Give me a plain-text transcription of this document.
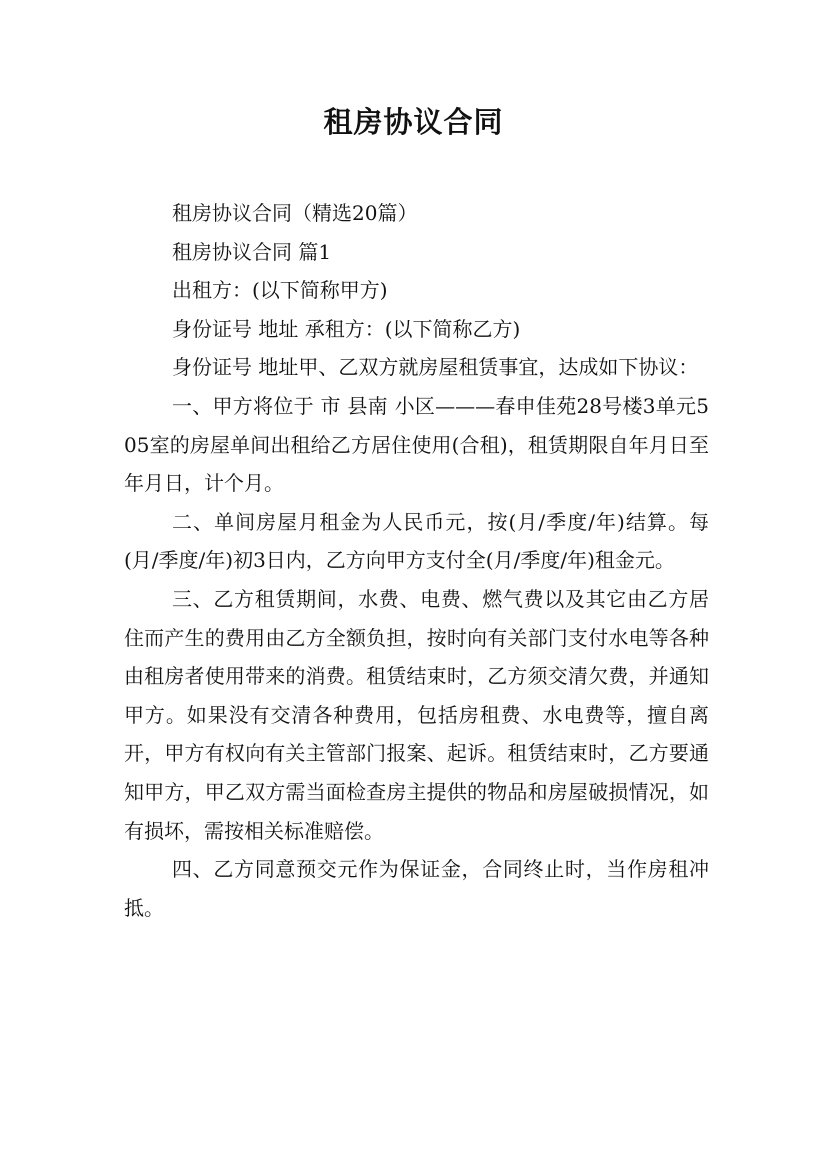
租房协议合同

租房协议合同（精选20篇）

租房协议合同 篇1

出租方：(以下简称甲方)

身份证号 地址 承租方：(以下简称乙方)

身份证号 地址甲、乙双方就房屋租赁事宜，达成如下协议：

一、甲方将位于 市 县南 小区———春申佳苑28号楼3单元505室的房屋单间出租给乙方居住使用(合租)，租赁期限自年月日至年月日，计个月。

二、单间房屋月租金为人民币元，按(月/季度/年)结算。每(月/季度/年)初3日内，乙方向甲方支付全(月/季度/年)租金元。

三、乙方租赁期间，水费、电费、燃气费以及其它由乙方居住而产生的费用由乙方全额负担，按时向有关部门支付水电等各种由租房者使用带来的消费。租赁结束时，乙方须交清欠费，并通知甲方。如果没有交清各种费用，包括房租费、水电费等，擅自离开，甲方有权向有关主管部门报案、起诉。租赁结束时，乙方要通知甲方，甲乙双方需当面检查房主提供的物品和房屋破损情况，如有损坏，需按相关标准赔偿。

四、乙方同意预交元作为保证金，合同终止时，当作房租冲抵。
